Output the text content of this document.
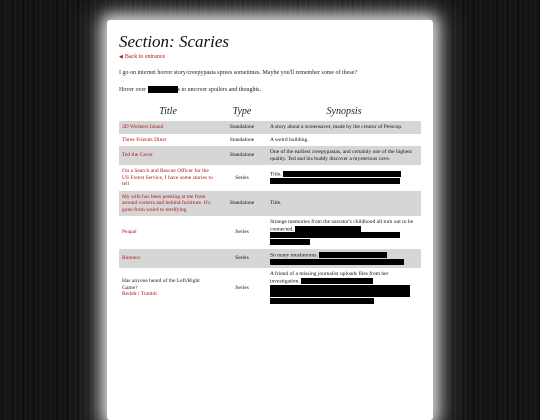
Section: Scaries
◀ Back to entrance

I go on internet horror story/creepypasta sprees sometimes. Maybe you'll remember some of these?

Hover over	s to uncover spoilers and thoughts.

Title	Type	Synopsis
3D Workers Island	Standalone	A story about a screensaver, made by the creator of Petscop.
Three Friends Diner	Standalone	A weird building.
Ted the Caver	Standalone	One of the earliest creepypastas, and certainly one of the highest quality. Ted and his buddy discover a mysterious cave.
I'm a Search and Rescue Officer for the US Forest Service, I have some stories to tell	Series	Title.

My wife has been peeking at me from around corners and behind furniture. It's gone from weird to terrifying	Standalone	Title.
Peapal	Series	Strange memories from the narrator's childhood all turn out to be connected.

Runners	Series	So many mushrooms.

Has anyone heard of the Left/Right Game?
Reddit / Tumblr	Series	A friend of a missing journalist uploads files from her investigation.
